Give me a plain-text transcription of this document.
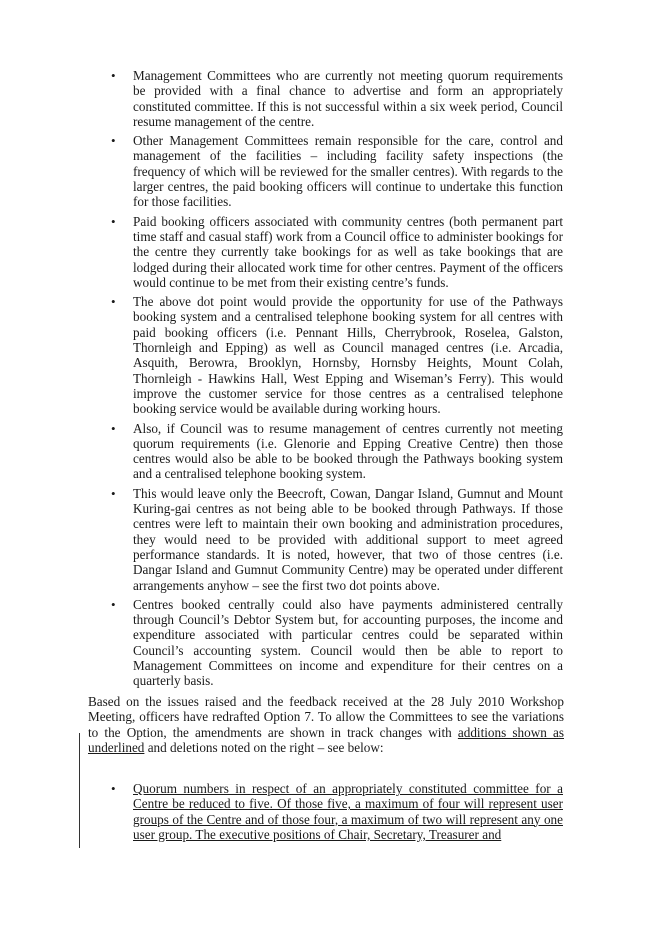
• Management Committees who are currently not meeting quorum requirements be provided with a final chance to advertise and form an appropriately constituted committee. If this is not successful within a six week period, Council resume management of the centre.
• Other Management Committees remain responsible for the care, control and management of the facilities – including facility safety inspections (the frequency of which will be reviewed for the smaller centres). With regards to the larger centres, the paid booking officers will continue to undertake this function for those facilities.
• Paid booking officers associated with community centres (both permanent part time staff and casual staff) work from a Council office to administer bookings for the centre they currently take bookings for as well as take bookings that are lodged during their allocated work time for other centres. Payment of the officers would continue to be met from their existing centre’s funds.
• The above dot point would provide the opportunity for use of the Pathways booking system and a centralised telephone booking system for all centres with paid booking officers (i.e. Pennant Hills, Cherrybrook, Roselea, Galston, Thornleigh and Epping) as well as Council managed centres (i.e. Arcadia, Asquith, Berowra, Brooklyn, Hornsby, Hornsby Heights, Mount Colah, Thornleigh - Hawkins Hall, West Epping and Wiseman’s Ferry). This would improve the customer service for those centres as a centralised telephone booking service would be available during working hours.
• Also, if Council was to resume management of centres currently not meeting quorum requirements (i.e. Glenorie and Epping Creative Centre) then those centres would also be able to be booked through the Pathways booking system and a centralised telephone booking system.
• This would leave only the Beecroft, Cowan, Dangar Island, Gumnut and Mount Kuring-gai centres as not being able to be booked through Pathways. If those centres were left to maintain their own booking and administration procedures, they would need to be provided with additional support to meet agreed performance standards. It is noted, however, that two of those centres (i.e. Dangar Island and Gumnut Community Centre) may be operated under different arrangements anyhow – see the first two dot points above.
• Centres booked centrally could also have payments administered centrally through Council’s Debtor System but, for accounting purposes, the income and expenditure associated with particular centres could be separated within Council’s accounting system. Council would then be able to report to Management Committees on income and expenditure for their centres on a quarterly basis.

Based on the issues raised and the feedback received at the 28 July 2010 Workshop Meeting, officers have redrafted Option 7. To allow the Committees to see the variations to the Option, the amendments are shown in track changes with additions shown as underlined and deletions noted on the right – see below:

• Quorum numbers in respect of an appropriately constituted committee for a Centre be reduced to five. Of those five, a maximum of four will represent user groups of the Centre and of those four, a maximum of two will represent any one user group. The executive positions of Chair, Secretary, Treasurer and
